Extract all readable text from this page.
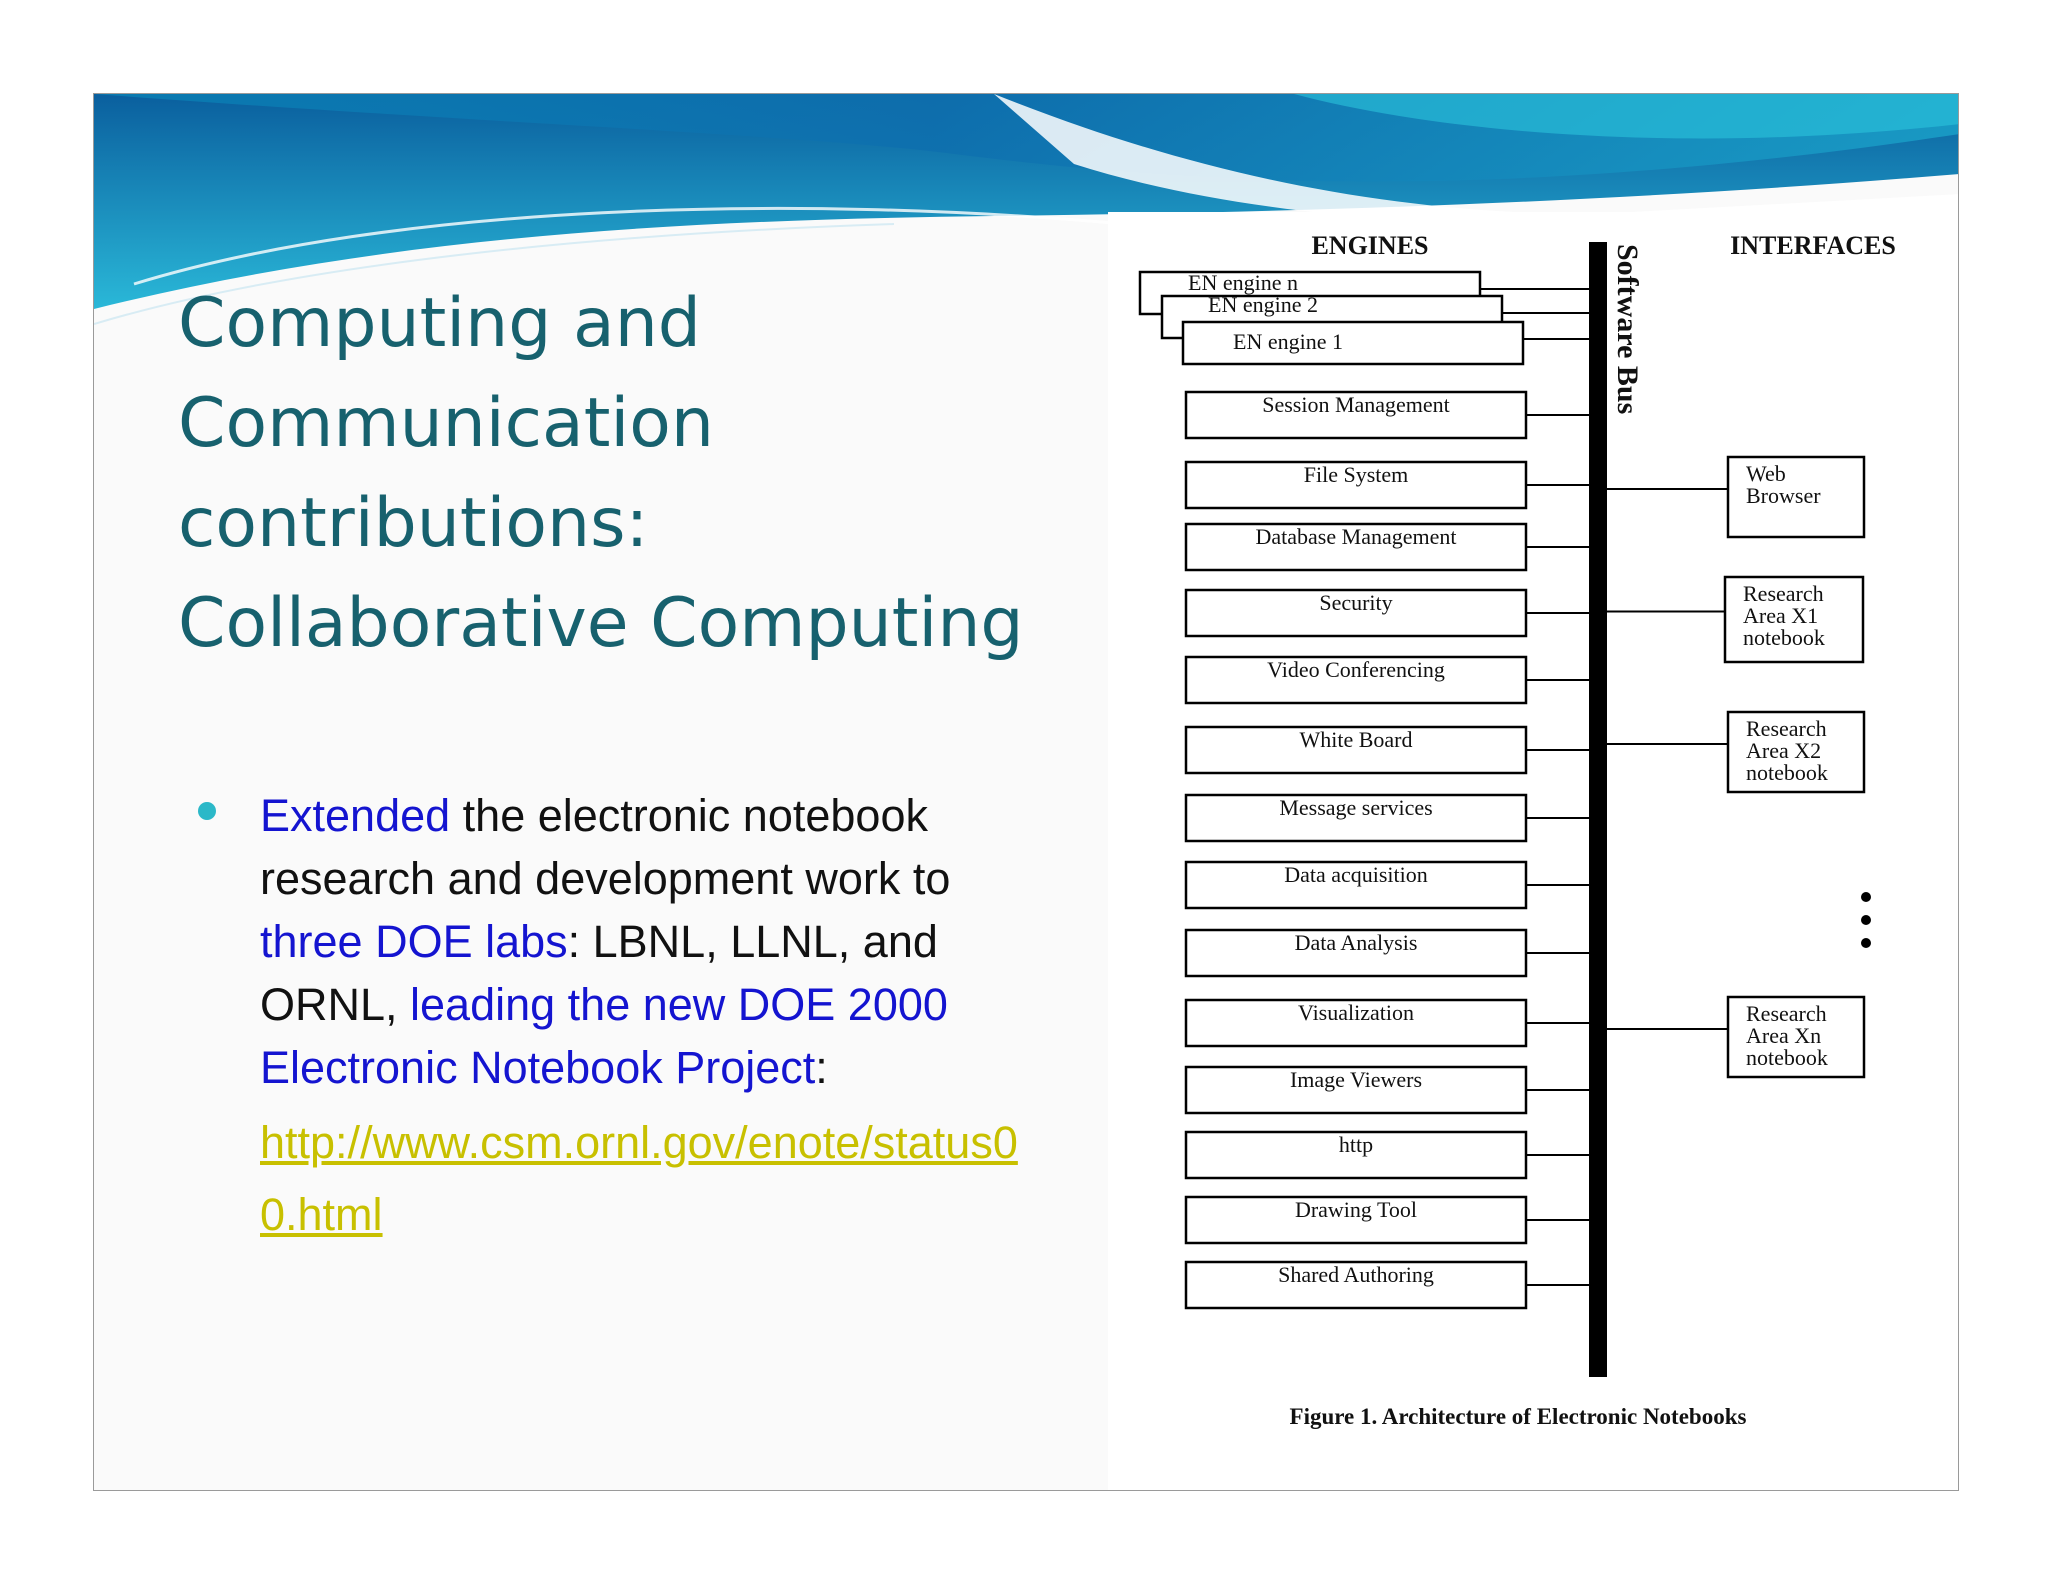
Computing and
Communication
contributions:
Collaborative Computing
Extended the electronic notebook research and development work to three DOE labs: LBNL, LLNL, and ORNL, leading the new DOE 2000 Electronic Notebook Project:
http://www.csm.ornl.gov/enote/status00.html
ENGINES	INTERFACES
Software Bus
EN engine n
EN engine 2
EN engine 1
Session Management
File System
Database Management
Security
Video Conferencing
White Board
Message services
Data acquisition
Data Analysis
Visualization
Image Viewers
http
Drawing Tool
Shared Authoring
Web
Browser
Research
Area X1
notebook
Research
Area X2
notebook
Research
Area Xn
notebook
Figure 1. Architecture of Electronic Notebooks
